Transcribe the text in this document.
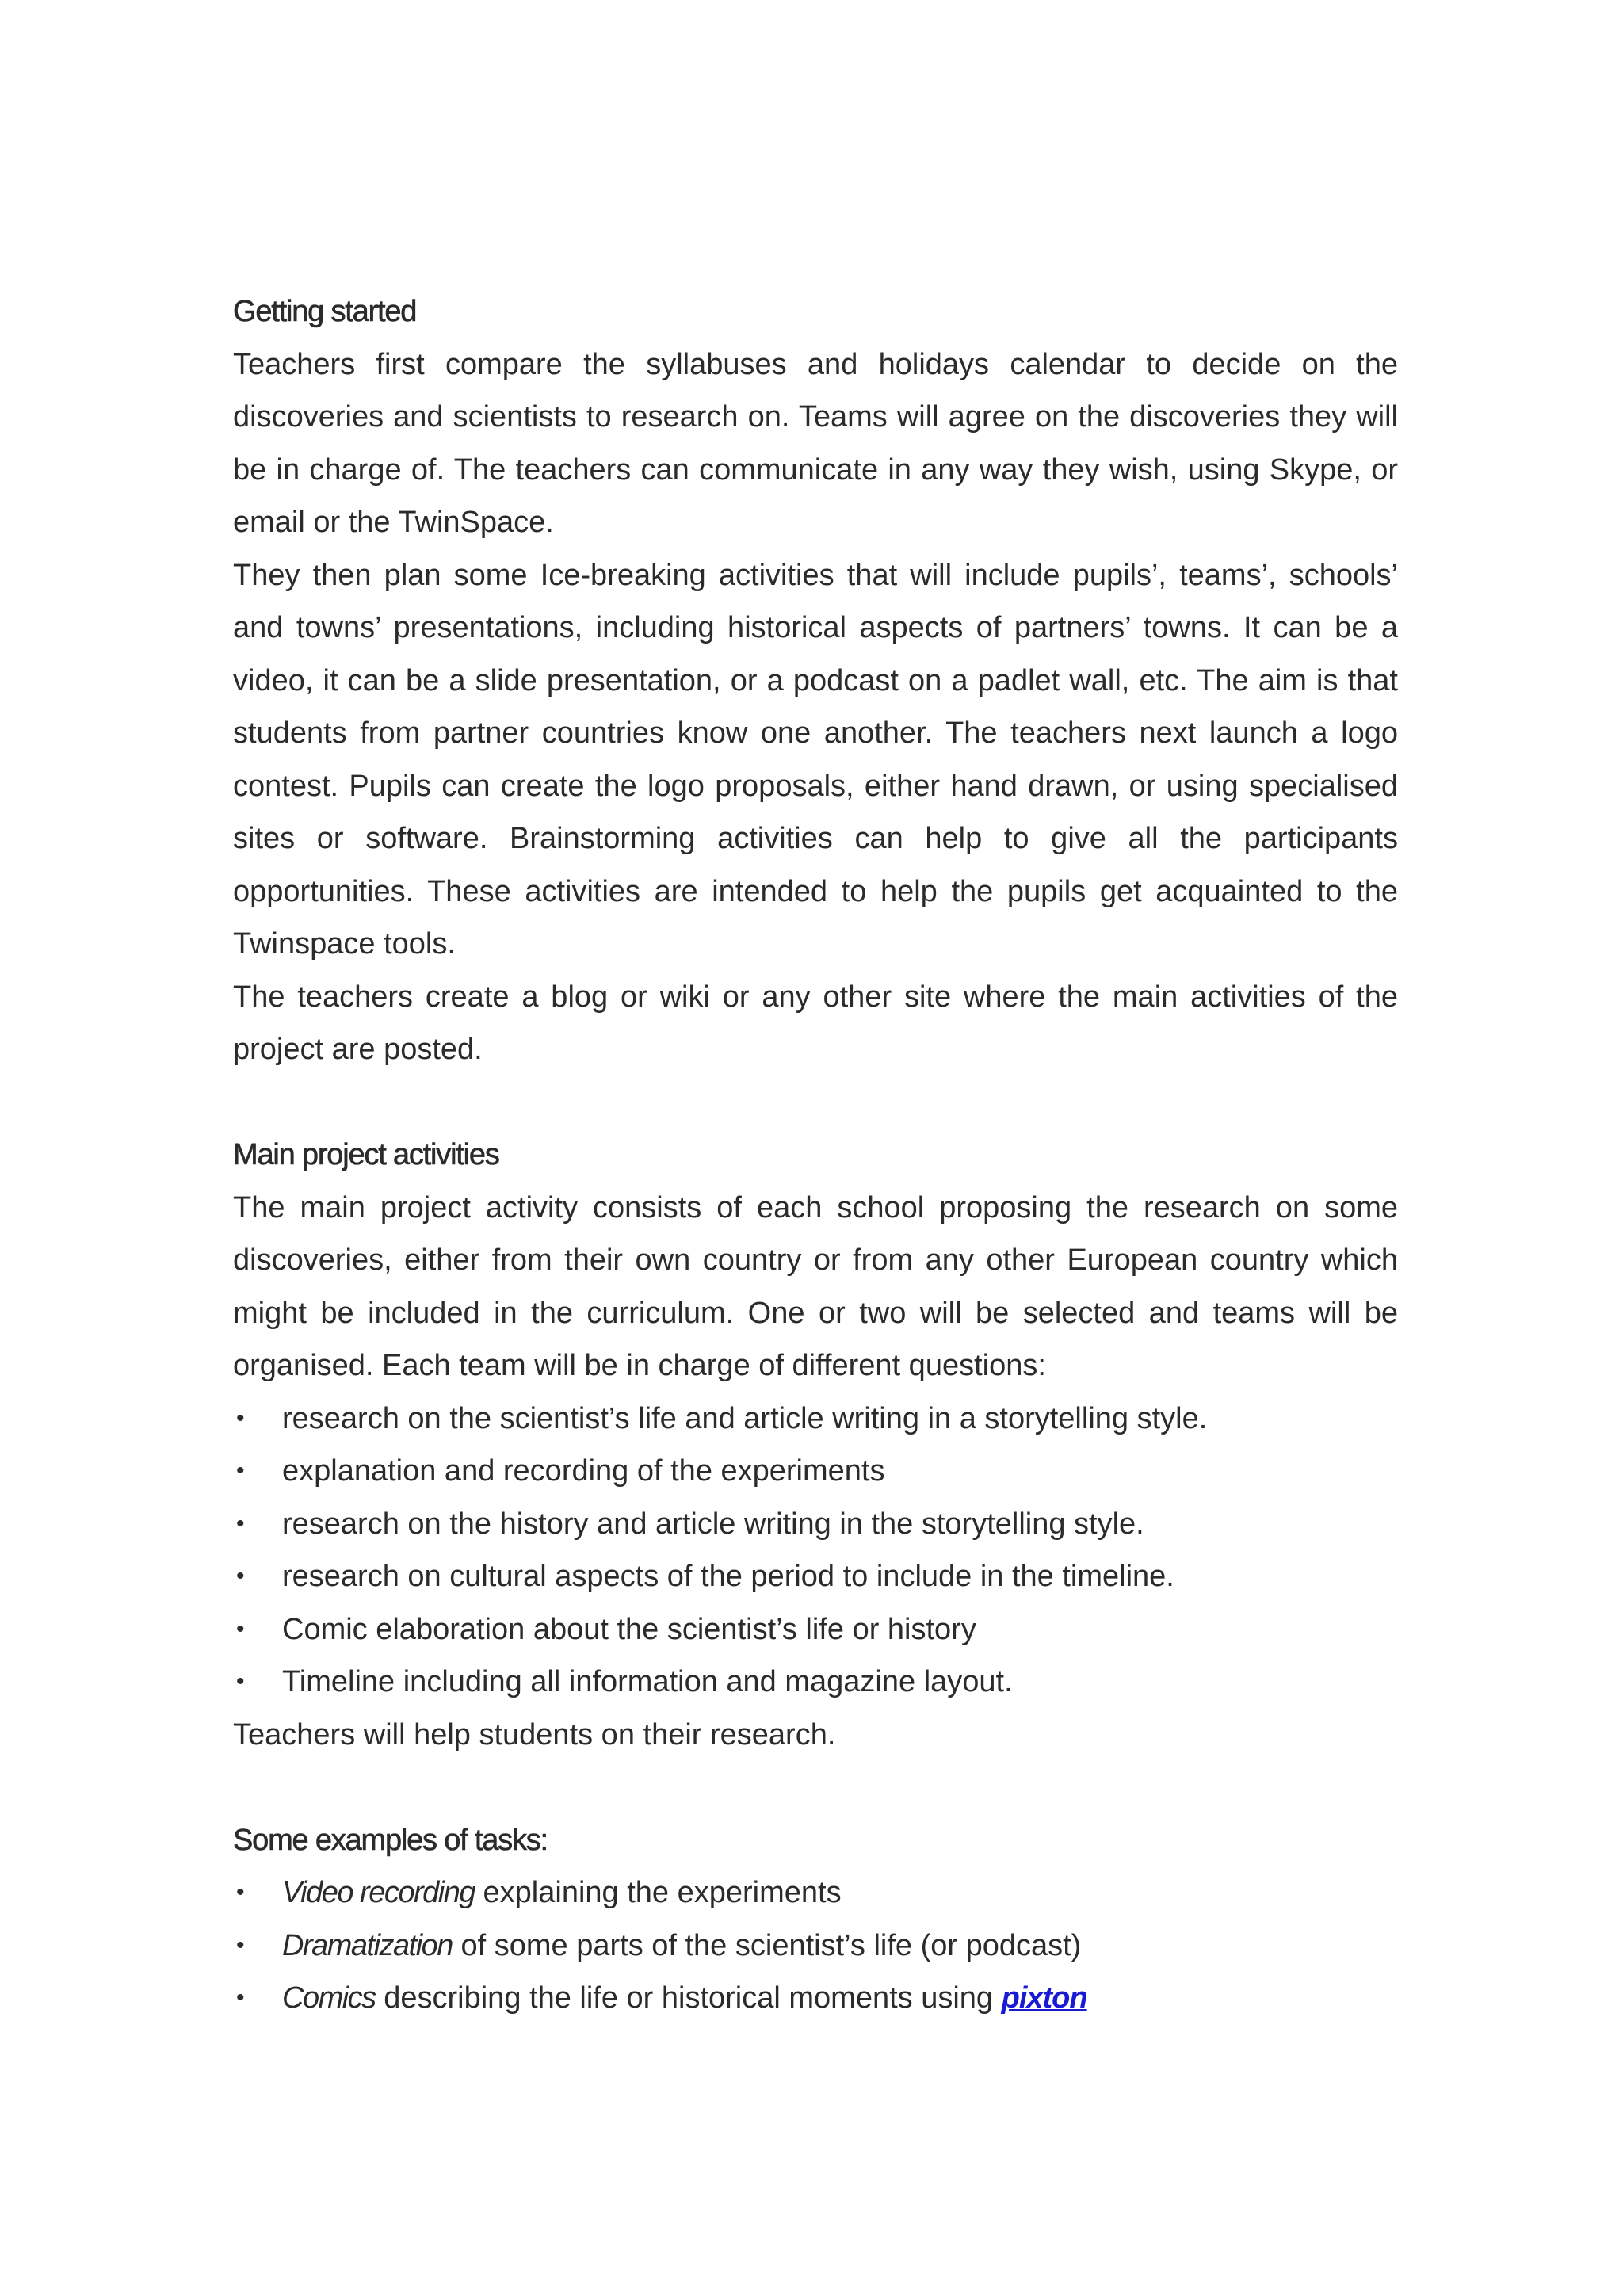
Getting started

Teachers first compare the syllabuses and holidays calendar to decide on the discoveries and scientists to research on. Teams will agree on the discoveries they will be in charge of. The teachers can communicate in any way they wish, using Skype, or email or the TwinSpace.

They then plan some Ice-breaking activities that will include pupils’, teams’, schools’ and towns’ presentations, including historical aspects of partners’ towns. It can be a video, it can be a slide presentation, or a podcast on a padlet wall, etc. The aim is that students from partner countries know one another. The teachers next launch a logo contest. Pupils can create the logo proposals, either hand drawn, or using specialised sites or software. Brainstorming activities can help to give all the participants opportunities. These activities are intended to help the pupils get acquainted to the Twinspace tools.

The teachers create a blog or wiki or any other site where the main activities of the project are posted.

Main project activities

The main project activity consists of each school proposing the research on some discoveries, either from their own country or from any other European country which might be included in the curriculum. One or two will be selected and teams will be organised. Each team will be in charge of different questions:

• research on the scientist’s life and article writing in a storytelling style.
• explanation and recording of the experiments
• research on the history and article writing in the storytelling style.
• research on cultural aspects of the period to include in the timeline.
• Comic elaboration about the scientist’s life or history
• Timeline including all information and magazine layout.

Teachers will help students on their research.

Some examples of tasks:
• Video recording explaining the experiments
• Dramatization of some parts of the scientist’s life (or podcast)
• Comics describing the life or historical moments using pixton
